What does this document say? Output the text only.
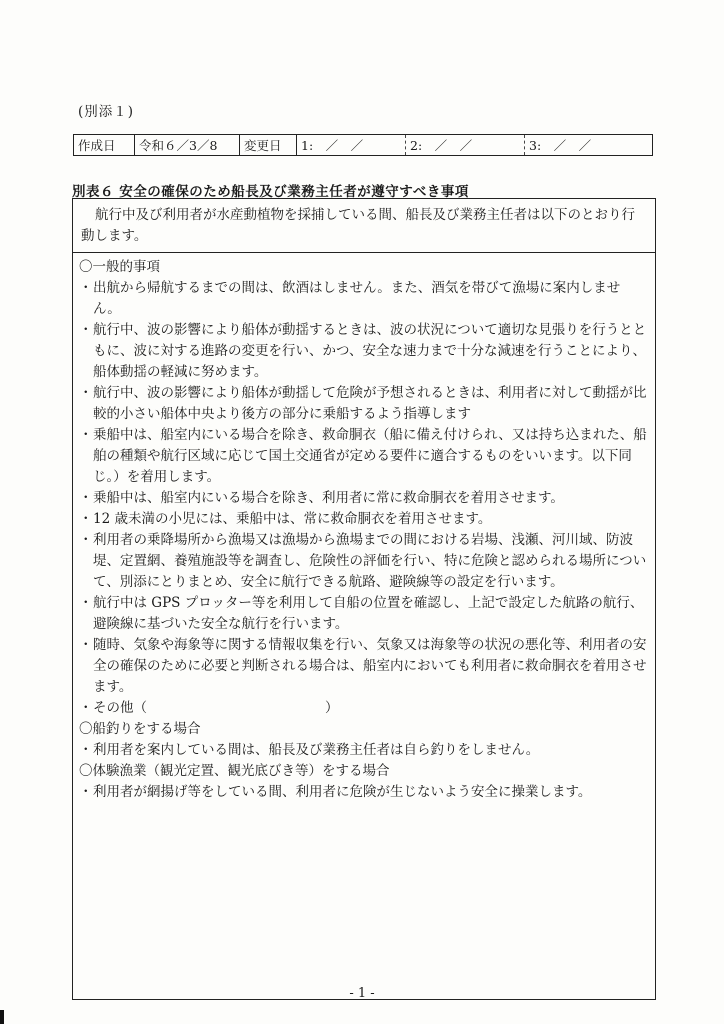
(別添１)
作成日	令和６／3／8	変更日	1:　／　／	2:　／　／	3:　／　／
別表６ 安全の確保のため船長及び業務主任者が遵守すべき事項
航行中及び利用者が水産動植物を採捕している間、船長及び業務主任者は以下のとおり行動します。

〇一般的事項

・出航から帰航するまでの間は、飲酒はしません。また、酒気を帯びて漁場に案内しません。

・航行中、波の影響により船体が動揺するときは、波の状況について適切な見張りを行うとともに、波に対する進路の変更を行い、かつ、安全な速力まで十分な減速を行うことにより、船体動揺の軽減に努めます。

・航行中、波の影響により船体が動揺して危険が予想されるときは、利用者に対して動揺が比較的小さい船体中央より後方の部分に乗船するよう指導します

・乗船中は、船室内にいる場合を除き、救命胴衣（船に備え付けられ、又は持ち込まれた、船舶の種類や航行区域に応じて国土交通省が定める要件に適合するものをいいます。以下同じ。）を着用します。

・乗船中は、船室内にいる場合を除き、利用者に常に救命胴衣を着用させます。

・12 歳未満の小児には、乗船中は、常に救命胴衣を着用させます。

・利用者の乗降場所から漁場又は漁場から漁場までの間における岩場、浅瀬、河川域、防波堤、定置網、養殖施設等を調査し、危険性の評価を行い、特に危険と認められる場所について、別添にとりまとめ、安全に航行できる航路、避険線等の設定を行います。

・航行中は GPS プロッター等を利用して自船の位置を確認し、上記で設定した航路の航行、避険線に基づいた安全な航行を行います。

・随時、気象や海象等に関する情報収集を行い、気象又は海象等の状況の悪化等、利用者の安全の確保のために必要と判断される場合は、船室内においても利用者に救命胴衣を着用させます。

・その他（	）

〇船釣りをする場合

・利用者を案内している間は、船長及び業務主任者は自ら釣りをしません。

〇体験漁業（観光定置、観光底びき等）をする場合

・利用者が網揚げ等をしている間、利用者に危険が生じないよう安全に操業します。

- 1 -
